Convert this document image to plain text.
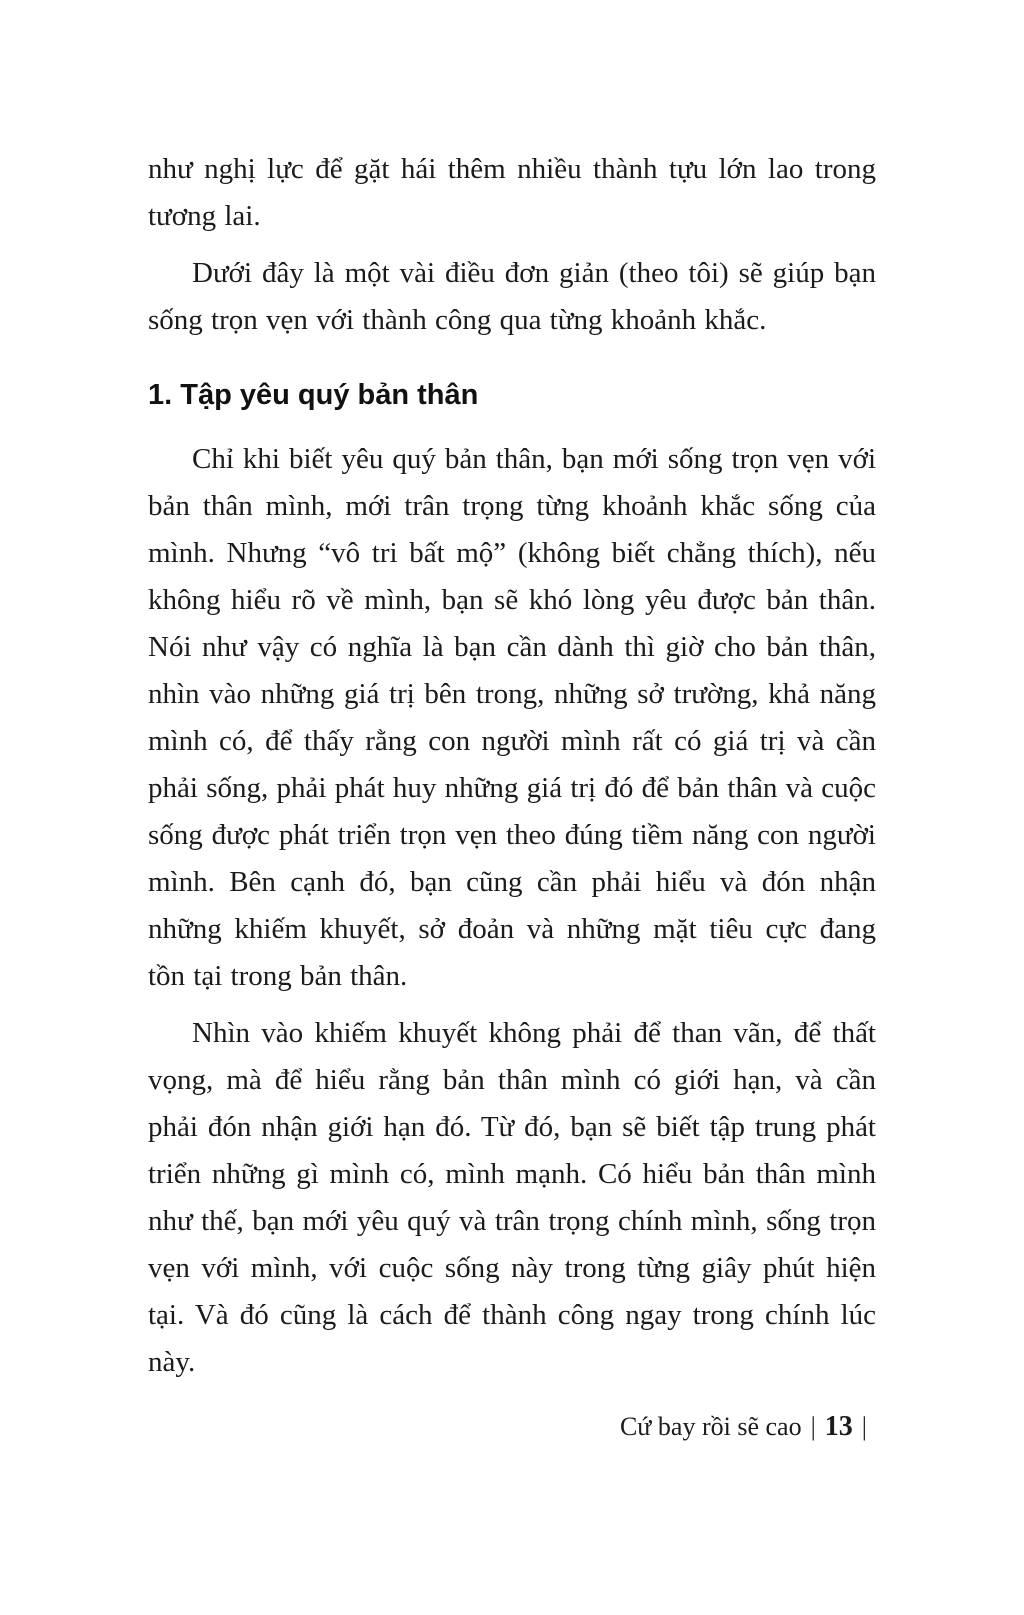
như nghị lực để gặt hái thêm nhiều thành tựu lớn lao trong tương lai.

Dưới đây là một vài điều đơn giản (theo tôi) sẽ giúp bạn sống trọn vẹn với thành công qua từng khoảnh khắc.

1. Tập yêu quý bản thân

Chỉ khi biết yêu quý bản thân, bạn mới sống trọn vẹn với bản thân mình, mới trân trọng từng khoảnh khắc sống của mình. Nhưng “vô tri bất mộ” (không biết chẳng thích), nếu không hiểu rõ về mình, bạn sẽ khó lòng yêu được bản thân. Nói như vậy có nghĩa là bạn cần dành thì giờ cho bản thân, nhìn vào những giá trị bên trong, những sở trường, khả năng mình có, để thấy rằng con người mình rất có giá trị và cần phải sống, phải phát huy những giá trị đó để bản thân và cuộc sống được phát triển trọn vẹn theo đúng tiềm năng con người mình. Bên cạnh đó, bạn cũng cần phải hiểu và đón nhận những khiếm khuyết, sở đoản và những mặt tiêu cực đang tồn tại trong bản thân.

Nhìn vào khiếm khuyết không phải để than vãn, để thất vọng, mà để hiểu rằng bản thân mình có giới hạn, và cần phải đón nhận giới hạn đó. Từ đó, bạn sẽ biết tập trung phát triển những gì mình có, mình mạnh. Có hiểu bản thân mình như thế, bạn mới yêu quý và trân trọng chính mình, sống trọn vẹn với mình, với cuộc sống này trong từng giây phút hiện tại. Và đó cũng là cách để thành công ngay trong chính lúc này.

Cứ bay rồi sẽ cao | 13 |
